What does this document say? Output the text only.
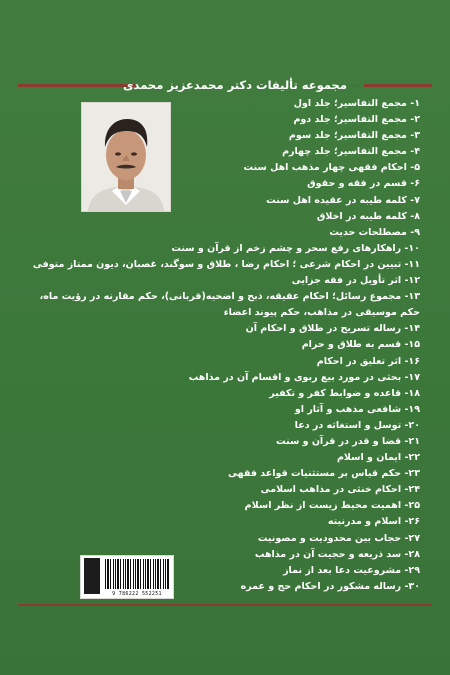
مجموعه تألیفات دکتر محمدعزیز محمدی
۱- مجمع التفاسیر؛ جلد اول
۲- مجمع التفاسیر؛ جلد دوم
۳- مجمع التفاسیر؛ جلد سوم
۴- مجمع التفاسیر؛ جلد چهارم
۵- احکام فقهی چهار مذهب اهل سنت
۶- قسم در فقه و حقوق
۷- کلمه طیبه در عقیده اهل سنت
۸- کلمه طیبه در اخلاق
۹- مصطلحات حدیث
۱۰- راهکارهای رفع سحر و چشم زخم از قرآن و سنت
۱۱- تبیین در احکام شرعی ؛ احکام رضا ، طلاق و سوگند، غصبان، دیون ممتاز متوفی
۱۲- اثر تأویل در فقه جزایی
۱۳- مجموع رسائل؛ احکام عقیقه، ذبح و اضحیه(قربانی)، حکم مقارنه در رؤیت ماه،
حکم موسیقی در مذاهب، حکم پیوند اعضاء
۱۴- رساله تسریح در طلاق و احکام آن
۱۵- قسم به طلاق و حرام
۱۶- اثر تعلیق در احکام
۱۷- بحثی در مورد بیع ربوی و اقسام آن در مذاهب
۱۸- قاعده و ضوابط کفر و تکفیر
۱۹- شافعی مذهب و آثار او
۲۰- توسل و استغاثه در دعا
۲۱- قضا و قدر در قرآن و سنت
۲۲- ایمان و اسلام
۲۳- حکم قیاس بر مستثنیات قواعد فقهی
۲۴- احکام خنثی در مذاهب اسلامی
۲۵- اهمیت محیط زیست از نظر اسلام
۲۶- اسلام و مدرنیته
۲۷- حجاب بین محدودیت و مصونیت
۲۸- سد ذریعه و حجیت آن در مذاهب
۲۹- مشروعیت دعا بعد از نماز
۳۰- رساله مشکور در احکام حج و عمره
9 786222 552251
